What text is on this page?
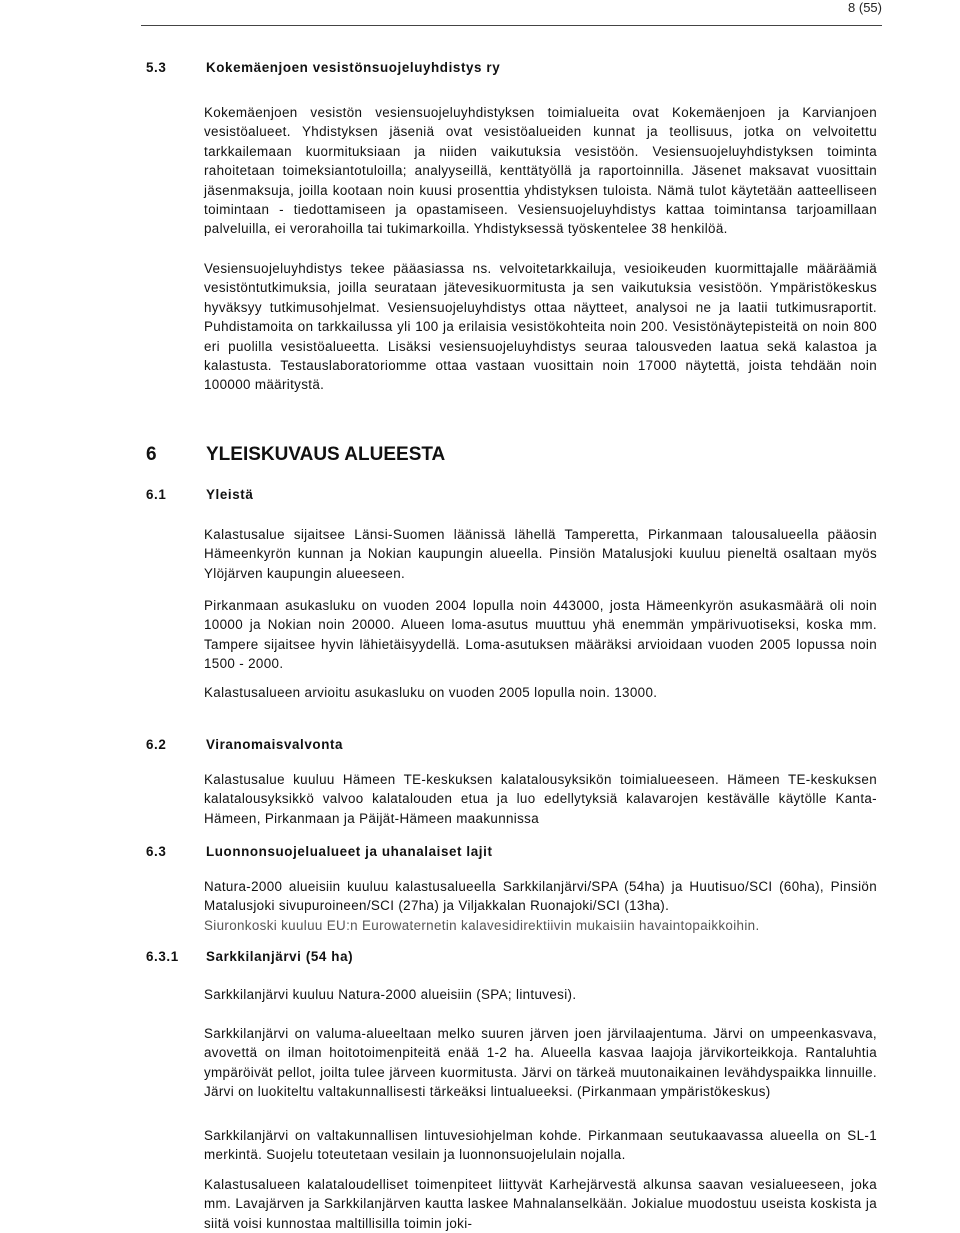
8 (55)
5.3	Kokemäenjoen vesistönsuojeluyhdistys ry

Kokemäenjoen vesistön vesiensuojeluyhdistyksen toimialueita ovat Kokemäenjoen ja Karvianjoen vesistöalueet. Yhdistyksen jäseniä ovat vesistöalueiden kunnat ja teollisuus, jotka on velvoitettu tarkkailemaan kuormituksiaan ja niiden vaikutuksia vesistöön. Vesiensuojeluyhdistyksen toiminta rahoitetaan toimeksiantotuloilla; analyyseillä, kenttätyöllä ja raportoinnilla. Jäsenet maksavat vuosittain jäsenmaksuja, joilla kootaan noin kuusi prosenttia yhdistyksen tuloista. Nämä tulot käytetään aatteelliseen toimintaan - tiedottamiseen ja opastamiseen. Vesiensuojeluyhdistys kattaa toimintansa tarjoamillaan palveluilla, ei verorahoilla tai tukimarkoilla. Yhdistyksessä työskentelee 38 henkilöä.

Vesiensuojeluyhdistys tekee pääasiassa ns. velvoitetarkkailuja, vesioikeuden kuormittajalle määräämiä vesistöntutkimuksia, joilla seurataan jätevesikuormitusta ja sen vaikutuksia vesistöön. Ympäristökeskus hyväksyy tutkimusohjelmat. Vesiensuojeluyhdistys ottaa näytteet, analysoi ne ja laatii tutkimusraportit. Puhdistamoita on tarkkailussa yli 100 ja erilaisia vesistökohteita noin 200. Vesistönäytepisteitä on noin 800 eri puolilla vesistöalueetta. Lisäksi vesiensuojeluyhdistys seuraa talousveden laatua sekä kalastoa ja kalastusta. Testauslaboratoriomme ottaa vastaan vuosittain noin 17000 näytettä, joista tehdään noin 100000 määritystä.

6	YLEISKUVAUS ALUEESTA
6.1	Yleistä

Kalastusalue sijaitsee Länsi-Suomen läänissä lähellä Tamperetta, Pirkanmaan talousalueella pääosin Hämeenkyrön kunnan ja Nokian kaupungin alueella. Pinsiön Matalusjoki kuuluu pieneltä osaltaan myös Ylöjärven kaupungin alueeseen.

Pirkanmaan asukasluku on vuoden 2004 lopulla noin 443000, josta Hämeenkyrön asukasmäärä oli noin 10000 ja Nokian noin 20000. Alueen loma-asutus muuttuu yhä enemmän ympärivuotiseksi, koska mm. Tampere sijaitsee hyvin lähietäisyydellä. Loma-asutuksen määräksi arvioidaan vuoden 2005 lopussa noin 1500 - 2000.

Kalastusalueen arvioitu asukasluku on vuoden 2005 lopulla noin. 13000.

6.2	Viranomaisvalvonta

Kalastusalue kuuluu Hämeen TE-keskuksen kalatalousyksikön toimialueeseen. Hämeen TE-keskuksen kalatalousyksikkö valvoo kalatalouden etua ja luo edellytyksiä kalavarojen kestävälle käytölle Kanta-Hämeen, Pirkanmaan ja Päijät-Hämeen maakunnissa

6.3	Luonnonsuojelualueet ja uhanalaiset lajit

Natura-2000 alueisiin kuuluu kalastusalueella Sarkkilanjärvi/SPA (54ha) ja Huutisuo/SCI (60ha), Pinsiön Matalusjoki sivupuroineen/SCI (27ha) ja Viljakkalan Ruonajoki/SCI (13ha).

Siuronkoski kuuluu EU:n Eurowaternetin kalavesidirektiivin mukaisiin havaintopaikkoihin.

6.3.1 Sarkkilanjärvi (54 ha)

Sarkkilanjärvi kuuluu Natura-2000 alueisiin (SPA; lintuvesi).

Sarkkilanjärvi on valuma-alueeltaan melko suuren järven joen järvilaajentuma. Järvi on umpeenkasvava, avovettä on ilman hoitotoimenpiteitä enää 1-2 ha. Alueella kasvaa laajoja järvikorteikkoja. Rantaluhtia ympäröivät pellot, joilta tulee järveen kuormitusta. Järvi on tärkeä muutonaikainen levähdyspaikka linnuille. Järvi on luokiteltu valtakunnallisesti tärkeäksi lintualueeksi. (Pirkanmaan ympäristökeskus)

Sarkkilanjärvi on valtakunnallisen lintuvesiohjelman kohde. Pirkanmaan seutukaavassa alueella on SL-1 merkintä. Suojelu toteutetaan vesilain ja luonnonsuojelulain nojalla.

Kalastusalueen kalataloudelliset toimenpiteet liittyvät Karhejärvestä alkunsa saavan vesialueeseen, joka mm. Lavajärven ja Sarkkilanjärven kautta laskee Mahnalanselkään. Jokialue muodostuu useista koskista ja siitä voisi kunnostaa maltillisilla toimin joki-
